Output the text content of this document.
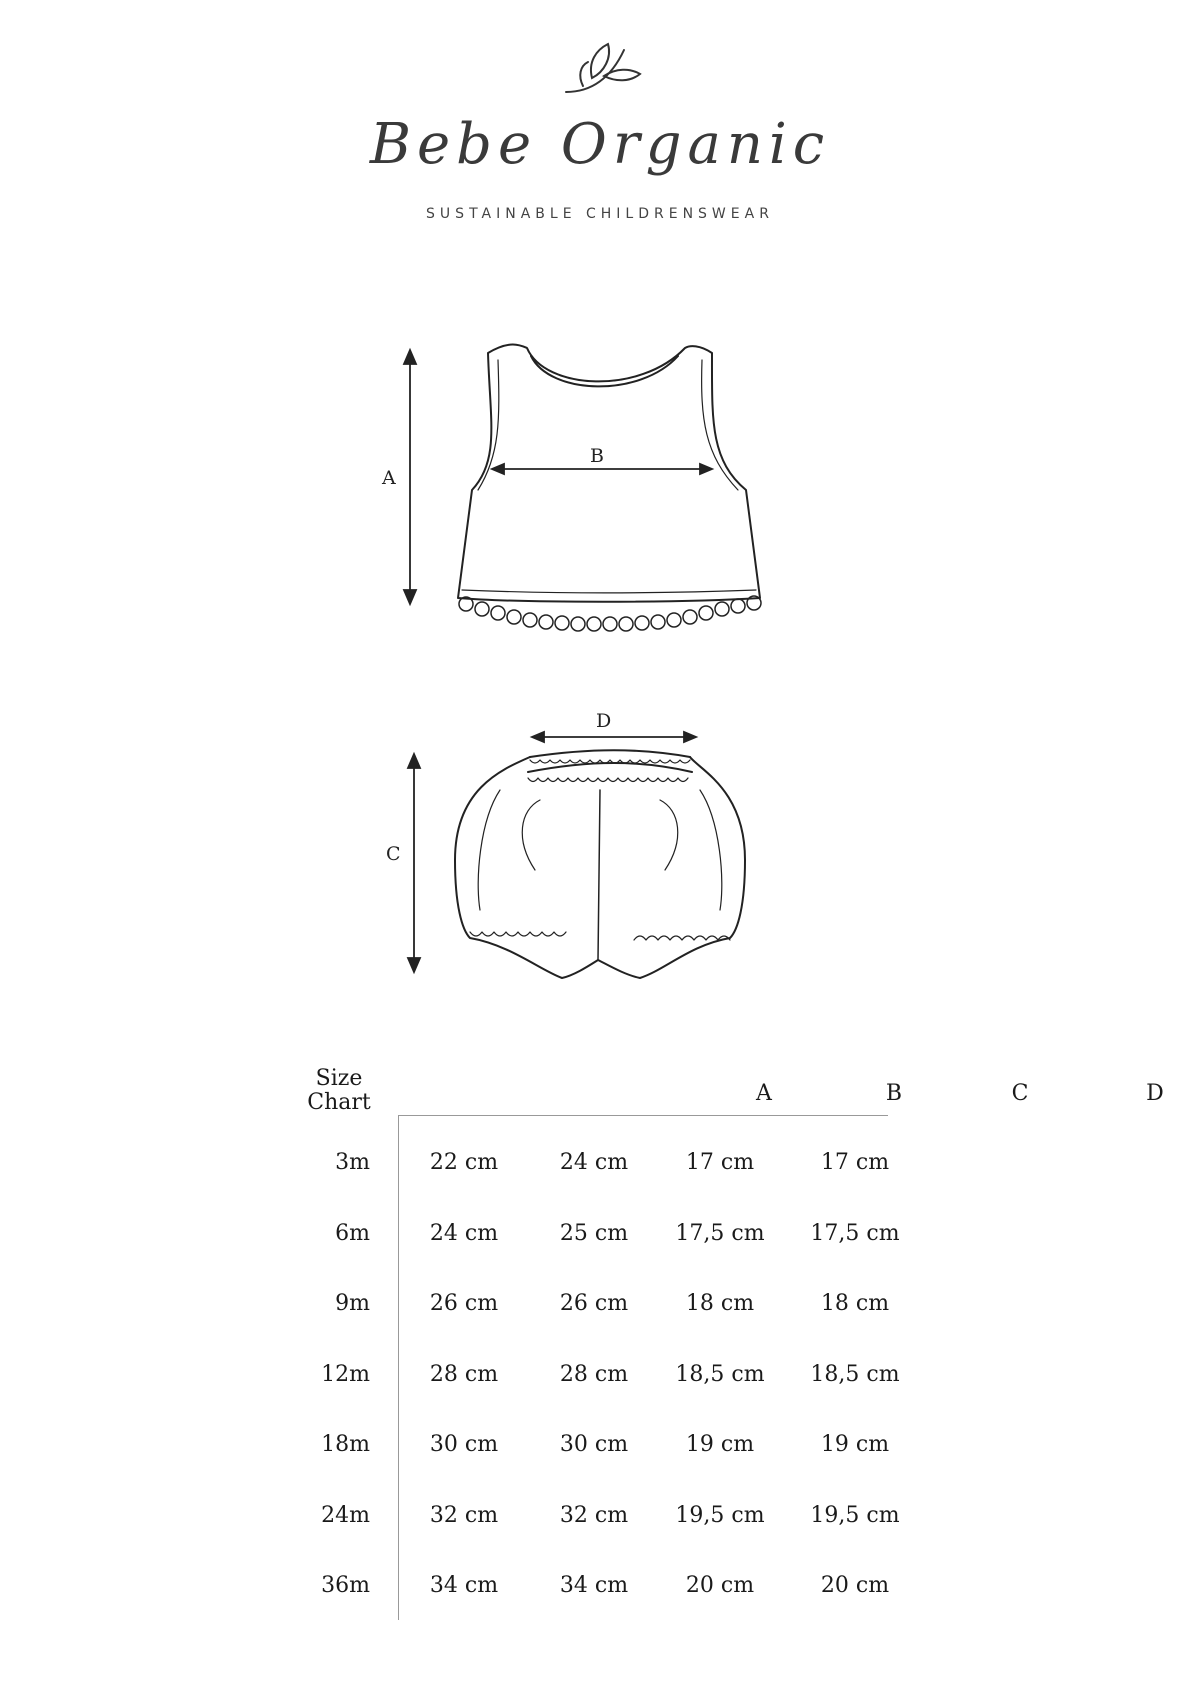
Bebe Organic
SUSTAINABLE CHILDRENSWEAR
A
B
D
C
Size
Chart	A	B	C	D
3m	22 cm	24 cm	17 cm	17 cm
6m	24 cm	25 cm	17,5 cm	17,5 cm
9m	26 cm	26 cm	18 cm	18 cm
12m	28 cm	28 cm	18,5 cm	18,5 cm
18m	30 cm	30 cm	19 cm	19 cm
24m	32 cm	32 cm	19,5 cm	19,5 cm
36m	34 cm	34 cm	20 cm	20 cm
